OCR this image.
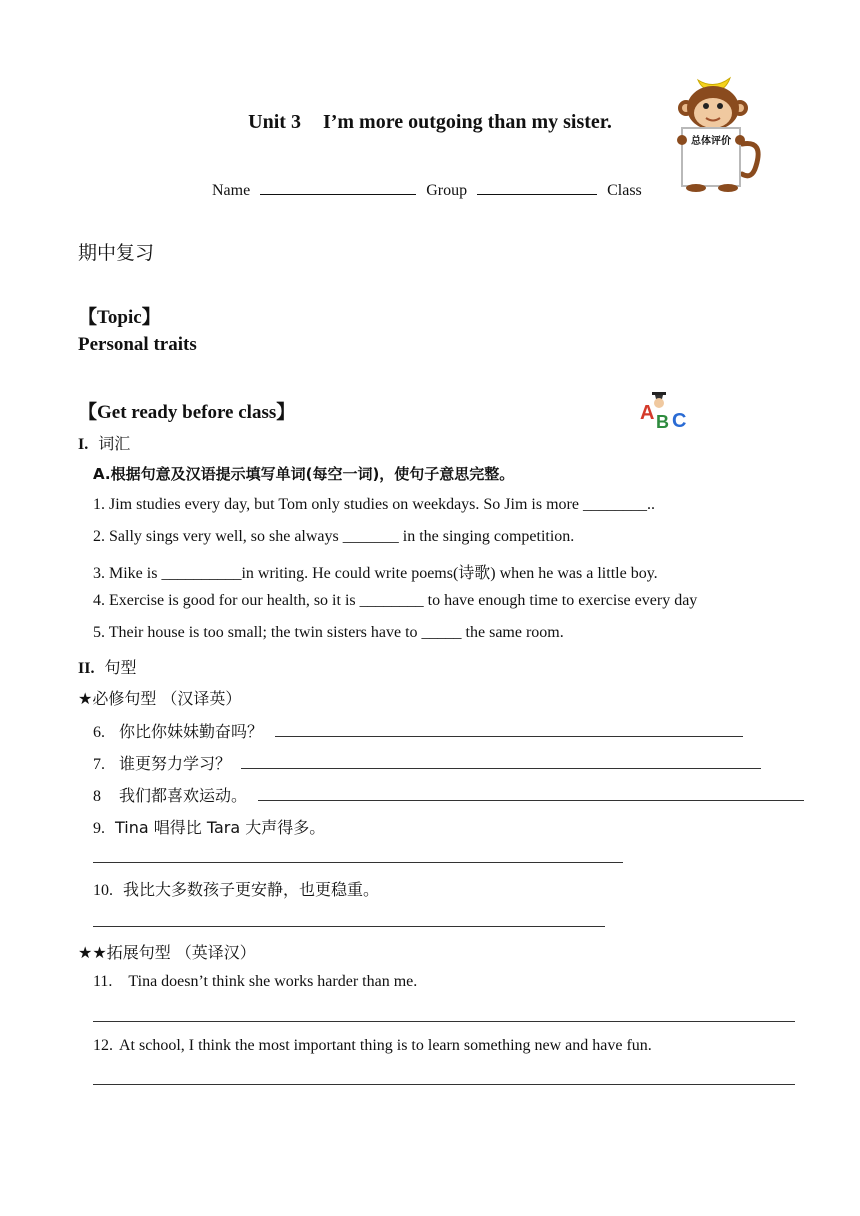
Unit 3 I’m more outgoing than my sister.
Name	Group	Class
总体评价
期中复习
【Topic】
Personal traits
【Get ready before class】	A B C
I. 词汇
A.根据句意及汉语提示填写单词(每空一词)，使句子意思完整。
1. Jim studies every day, but Tom only studies on weekdays. So Jim is more ________..
2. Sally sings very well, so she always _______ in the singing competition.
3. Mike is __________in writing. He could write poems(诗歌) when he was a little boy.
4. Exercise is good for our health, so it is ________ to have enough time to exercise every day
5. Their house is too small; the twin sisters have to _____ the same room.
II. 句型
★必修句型 （汉译英）
6. 你比你妹妹勤奋吗？
7. 谁更努力学习？
8 我们都喜欢运动。
9. Tina 唱得比 Tara 大声得多。
10. 我比大多数孩子更安静，也更稳重。
★★拓展句型 （英译汉）
11. Tina doesn’t think she works harder than me.
12. At school, I think the most important thing is to learn something new and have fun.
